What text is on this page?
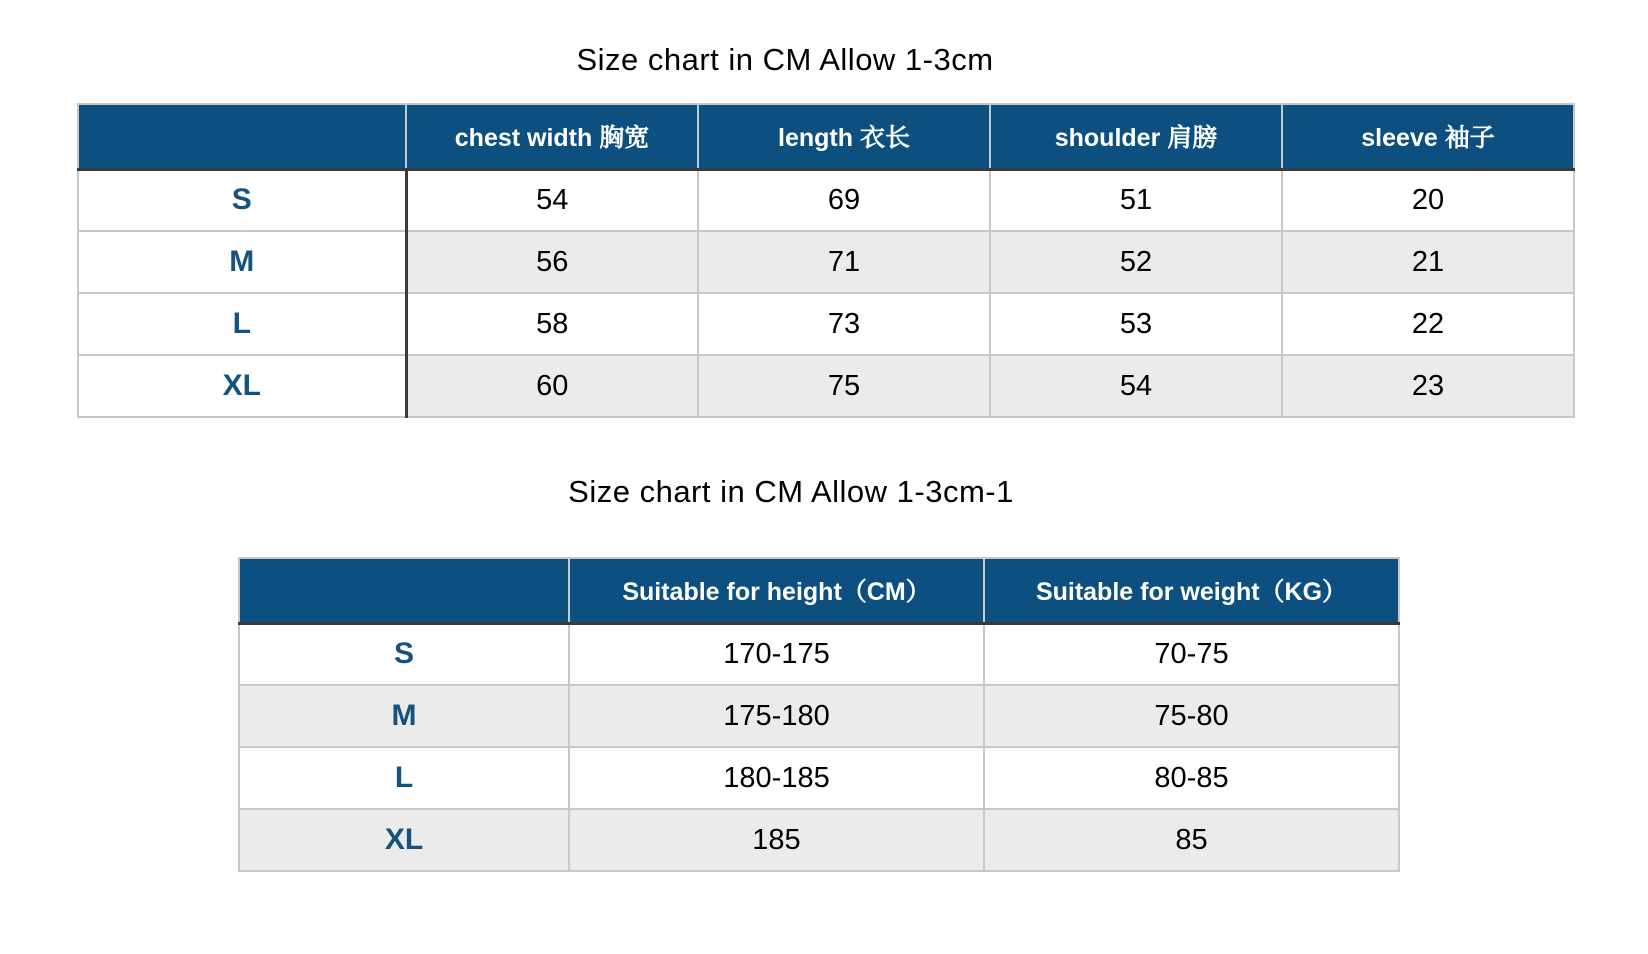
Size chart in CM Allow 1-3cm
	chest width 胸宽	length 衣长	shoulder 肩膀	sleeve 袖子
S	54	69	51	20
M	56	71	52	21
L	58	73	53	22
XL	60	75	54	23
Size chart in CM Allow 1-3cm-1
	Suitable for height（CM）	Suitable for weight（KG）
S	170-175	70-75
M	175-180	75-80
L	180-185	80-85
XL	185	85
